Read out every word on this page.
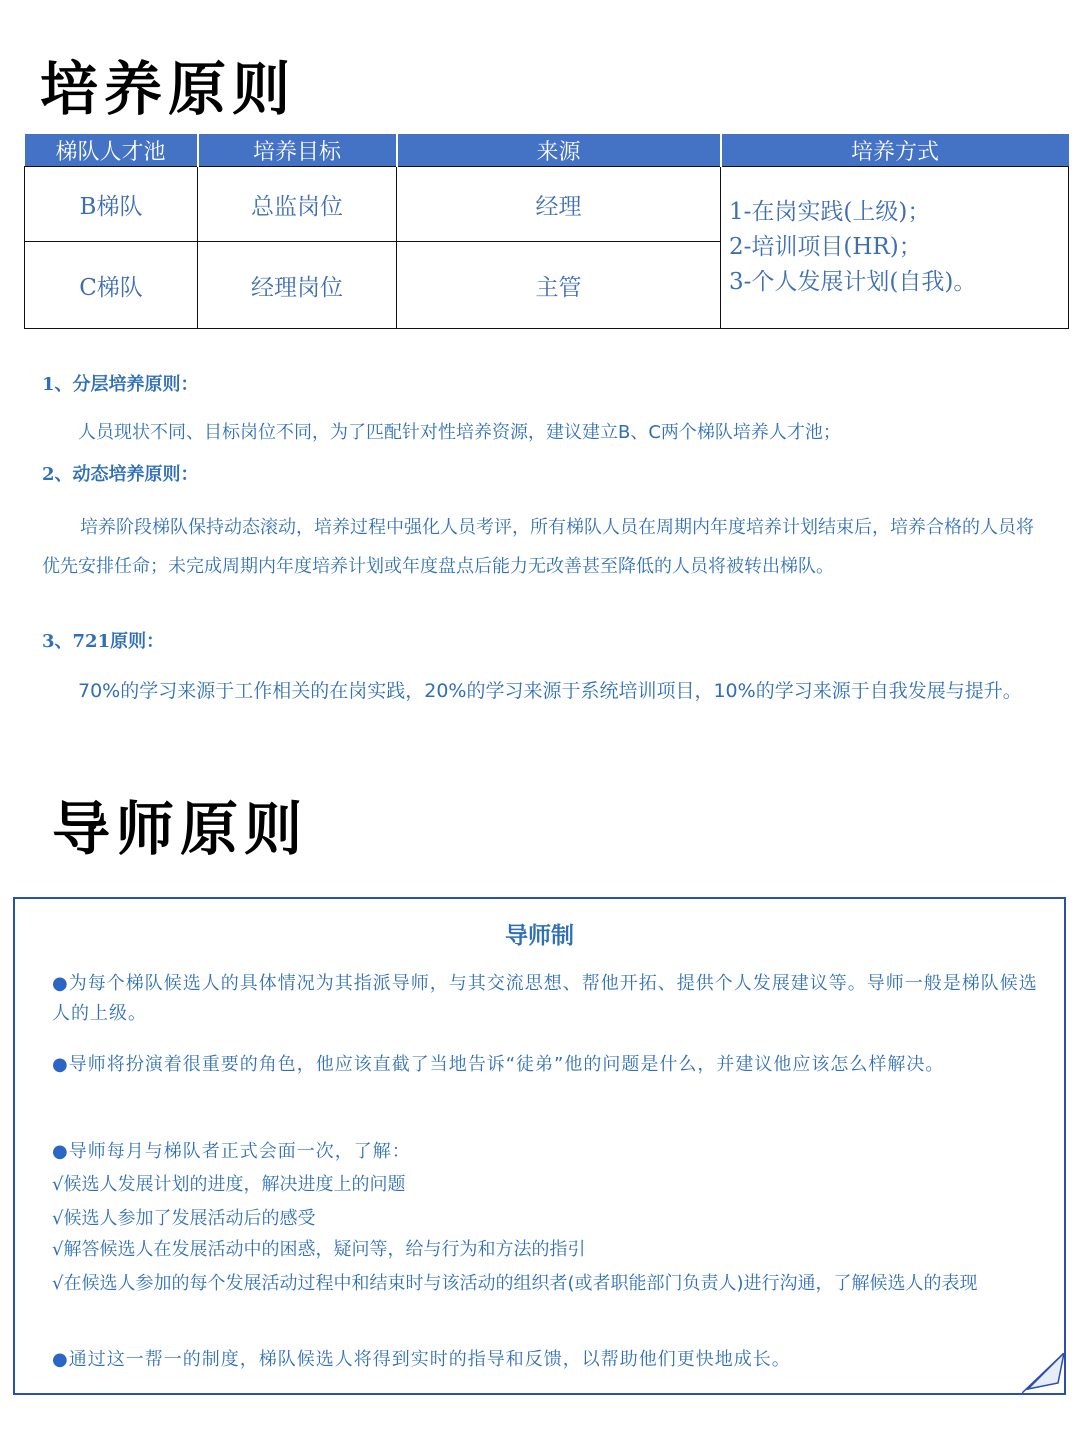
培养原则
梯队人才池	培养目标	来源	培养方式
B梯队	总监岗位	经理	1-在岗实践(上级)；
2-培训项目(HR)；
3-个人发展计划(自我)。

C梯队	经理岗位	主管	
1、分层培养原则：

人员现状不同、目标岗位不同，为了匹配针对性培养资源，建议建立B、C两个梯队培养人才池；

2、动态培养原则：

培养阶段梯队保持动态滚动，培养过程中强化人员考评，所有梯队人员在周期内年度培养计划结束后，培养合格的人员将优先安排任命；未完成周期内年度培养计划或年度盘点后能力无改善甚至降低的人员将被转出梯队。

3、721原则：

70%的学习来源于工作相关的在岗实践，20%的学习来源于系统培训项目，10%的学习来源于自我发展与提升。

导师原则
导师制
●为每个梯队候选人的具体情况为其指派导师，与其交流思想、帮他开拓、提供个人发展建议等。导师一般是梯队候选人的上级。
●导师将扮演着很重要的角色，他应该直截了当地告诉“徒弟”他的问题是什么，并建议他应该怎么样解决。
●导师每月与梯队者正式会面一次，了解：
√候选人发展计划的进度，解决进度上的问题
√候选人参加了发展活动后的感受
√解答候选人在发展活动中的困惑，疑问等，给与行为和方法的指引
√在候选人参加的每个发展活动过程中和结束时与该活动的组织者(或者职能部门负责人)进行沟通，了解候选人的表现
●通过这一帮一的制度，梯队候选人将得到实时的指导和反馈，以帮助他们更快地成长。
